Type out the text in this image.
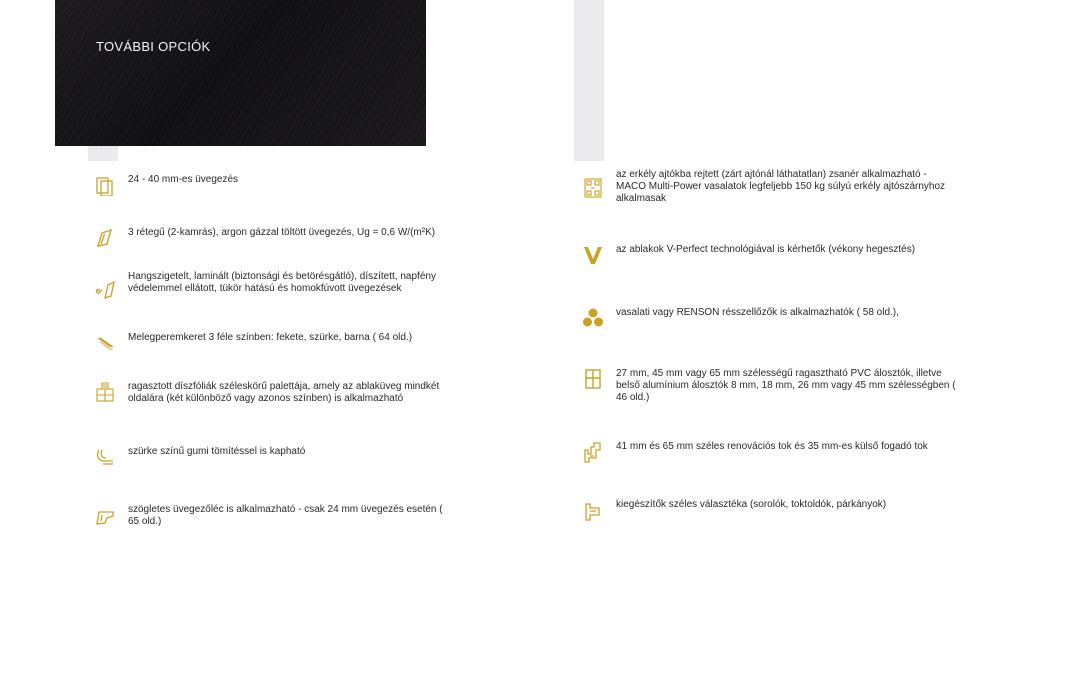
TOVÁBBI OPCIÓK
24 - 40 mm-es üvegezés
3 rétegű (2-kamrás), argon gázzal töltött üvegezés, Ug = 0,6 W/(m²K)
Hangszigetelt, laminált (biztonsági és betörésgátló), díszített, napfény védelemmel ellátott, tükör hatású és homokfúvott üvegezések
Melegperemkeret 3 féle színben: fekete, szürke, barna ( 64 old.)
ragasztott díszfóliák széleskörű palettája, amely az ablaküveg mindkét oldalára (két különböző vagy azonos színben) is alkalmazható
szürke színű gumi tömítéssel is kapható
szögletes üvegezőléc is alkalmazható - csak 24 mm üvegezés esetén ( 65 old.)
az erkély ajtókba rejtett (zárt ajtónál láthatatlan) zsanér alkalmazható - MACO Multi-Power vasalatok legfeljebb 150 kg súlyú erkély ajtószárnyhoz alkalmasak
az ablakok V-Perfect technológiával is kérhetők (vékony hegesztés)
vasalati vagy RENSON résszellőzők is alkalmazhatók ( 58 old.),
27 mm, 45 mm vagy 65 mm szélességű ragasztható PVC álosztók, illetve belső alumínium álosztók 8 mm, 18 mm, 26 mm vagy 45 mm szélességben ( 46 old.)
41 mm és 65 mm széles renovációs tok és 35 mm-es külső fogadó tok
kiegészítők széles választéka (sorolók, toktoldók, párkányok)
